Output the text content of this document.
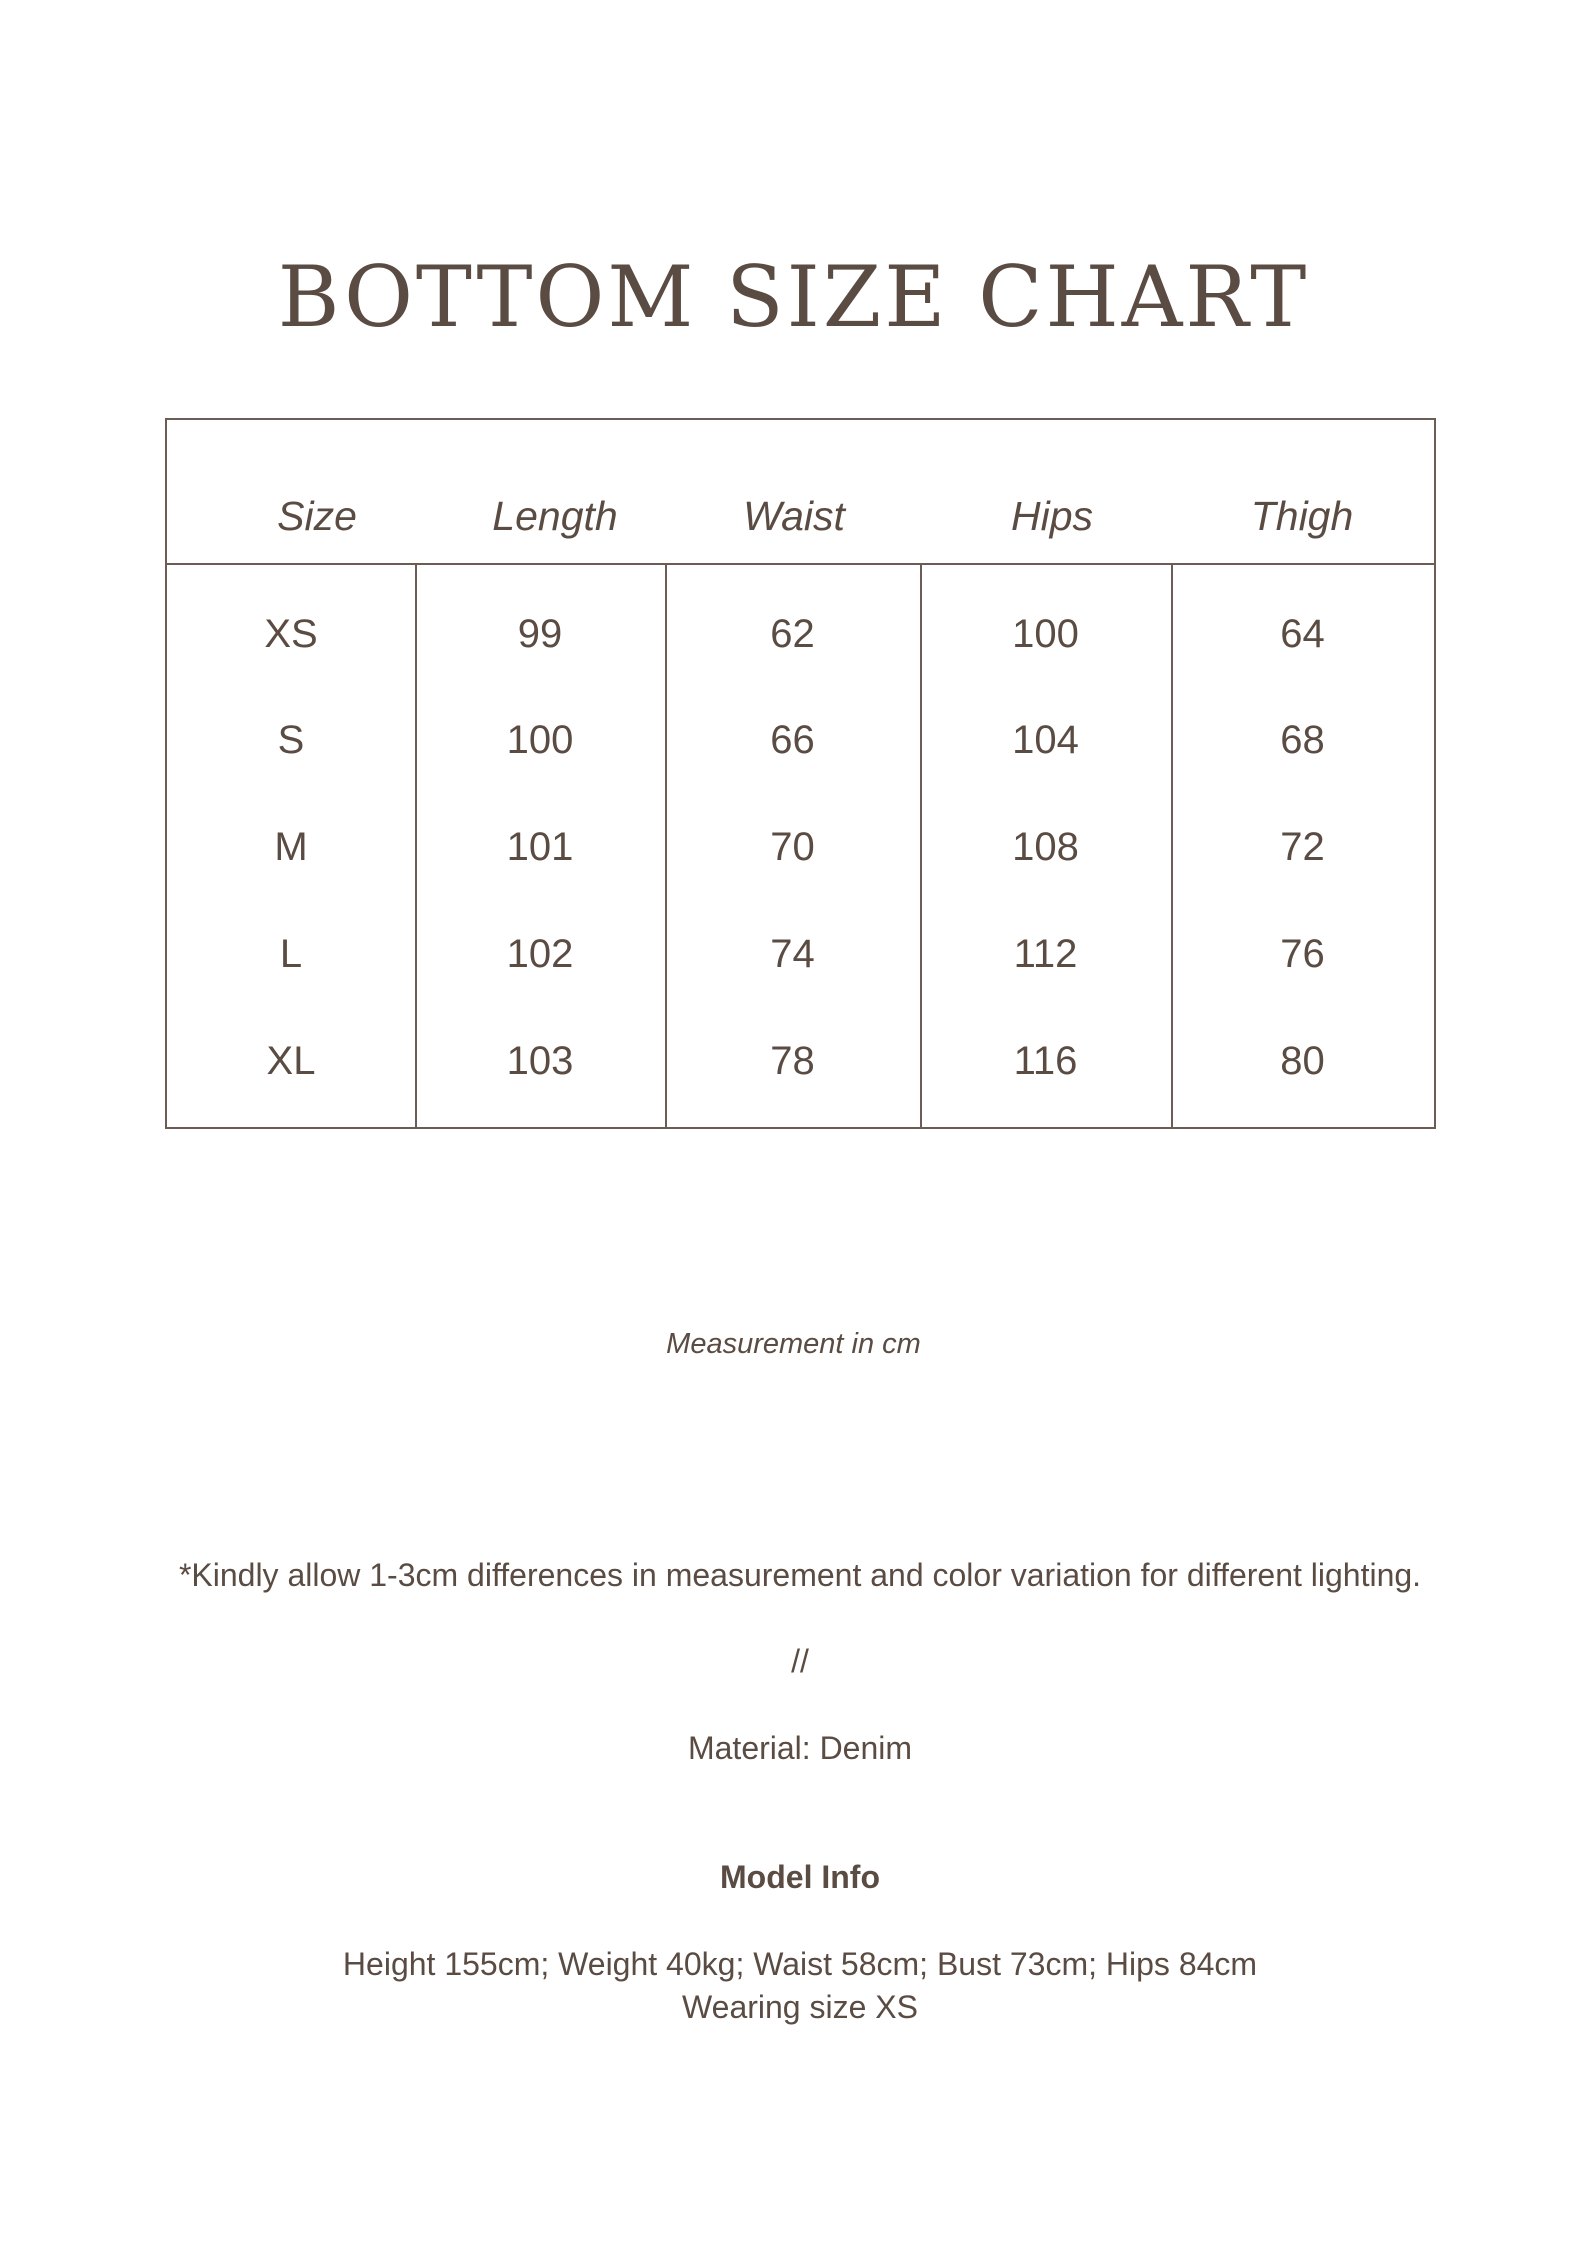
BOTTOM SIZE CHART
Size	Length	Waist	Hips	Thigh
XS	99	62	100	64
S	100	66	104	68
M	101	70	108	72
L	102	74	112	76
XL	103	78	116	80
Measurement in cm
*Kindly allow 1-3cm differences in measurement and color variation for different lighting.
//
Material: Denim
Model Info
Height 155cm; Weight 40kg; Waist 58cm; Bust 73cm; Hips 84cm
Wearing size XS
